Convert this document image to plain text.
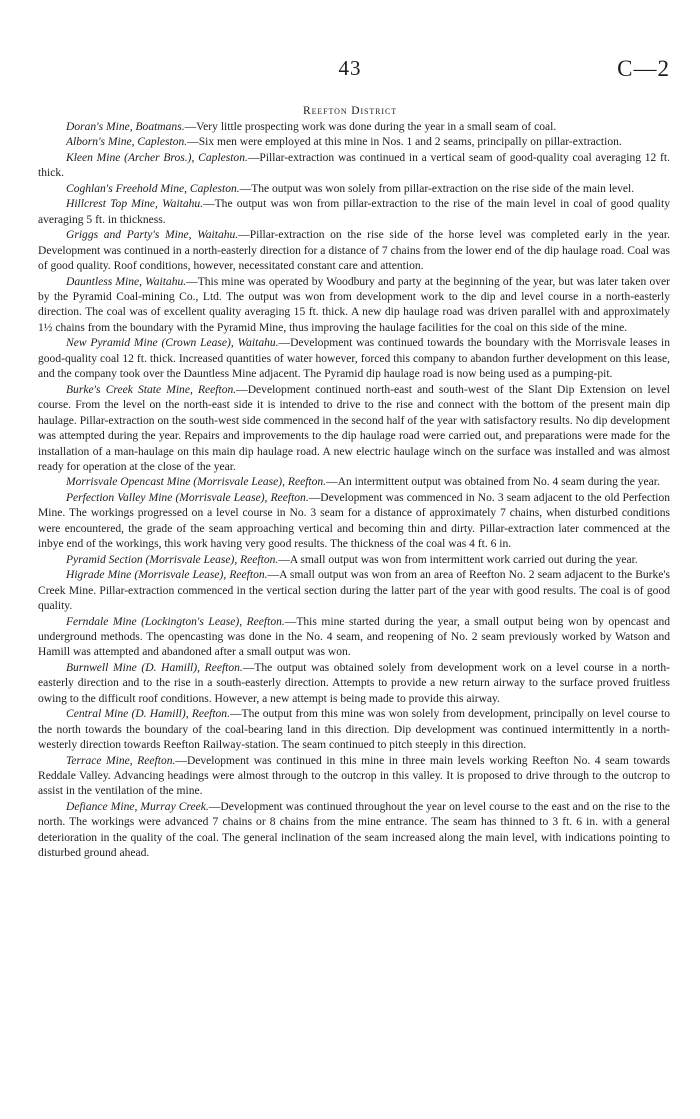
43	C—2
Reefton District

Doran's Mine, Boatmans.—Very little prospecting work was done during the year in a small seam of coal.

Alborn's Mine, Capleston.—Six men were employed at this mine in Nos. 1 and 2 seams, principally on pillar-extraction.

Kleen Mine (Archer Bros.), Capleston.—Pillar-extraction was continued in a vertical seam of good-quality coal averaging 12 ft. thick.

Coghlan's Freehold Mine, Capleston.—The output was won solely from pillar-extraction on the rise side of the main level.

Hillcrest Top Mine, Waitahu.—The output was won from pillar-extraction to the rise of the main level in coal of good quality averaging 5 ft. in thickness.

Griggs and Party's Mine, Waitahu.—Pillar-extraction on the rise side of the horse level was completed early in the year. Development was continued in a north-easterly direction for a distance of 7 chains from the lower end of the dip haulage road. Coal was of good quality. Roof conditions, however, necessitated constant care and attention.

Dauntless Mine, Waitahu.—This mine was operated by Woodbury and party at the beginning of the year, but was later taken over by the Pyramid Coal-mining Co., Ltd. The output was won from development work to the dip and level course in a north-easterly direction. The coal was of excellent quality averaging 15 ft. thick. A new dip haulage road was driven parallel with and approximately 1½ chains from the boundary with the Pyramid Mine, thus improving the haulage facilities for the coal on this side of the mine.

New Pyramid Mine (Crown Lease), Waitahu.—Development was continued towards the boundary with the Morrisvale leases in good-quality coal 12 ft. thick. Increased quantities of water however, forced this company to abandon further development on this lease, and the company took over the Dauntless Mine adjacent. The Pyramid dip haulage road is now being used as a pumping-pit.

Burke's Creek State Mine, Reefton.—Development continued north-east and south-west of the Slant Dip Extension on level course. From the level on the north-east side it is intended to drive to the rise and connect with the bottom of the present main dip haulage. Pillar-extraction on the south-west side commenced in the second half of the year with satisfactory results. No dip development was attempted during the year. Repairs and improvements to the dip haulage road were carried out, and preparations were made for the installation of a man-haulage on this main dip haulage road. A new electric haulage winch on the surface was installed and was almost ready for operation at the close of the year.

Morrisvale Opencast Mine (Morrisvale Lease), Reefton.—An intermittent output was obtained from No. 4 seam during the year.

Perfection Valley Mine (Morrisvale Lease), Reefton.—Development was commenced in No. 3 seam adjacent to the old Perfection Mine. The workings progressed on a level course in No. 3 seam for a distance of approximately 7 chains, when disturbed conditions were encountered, the grade of the seam approaching vertical and becoming thin and dirty. Pillar-extraction later commenced at the inbye end of the workings, this work having very good results. The thickness of the coal was 4 ft. 6 in.

Pyramid Section (Morrisvale Lease), Reefton.—A small output was won from intermittent work carried out during the year.

Higrade Mine (Morrisvale Lease), Reefton.—A small output was won from an area of Reefton No. 2 seam adjacent to the Burke's Creek Mine. Pillar-extraction commenced in the vertical section during the latter part of the year with good results. The coal is of good quality.

Ferndale Mine (Lockington's Lease), Reefton.—This mine started during the year, a small output being won by opencast and underground methods. The opencasting was done in the No. 4 seam, and reopening of No. 2 seam previously worked by Watson and Hamill was attempted and abandoned after a small output was won.

Burnwell Mine (D. Hamill), Reefton.—The output was obtained solely from development work on a level course in a north-easterly direction and to the rise in a south-easterly direction. Attempts to provide a new return airway to the surface proved fruitless owing to the difficult roof conditions. However, a new attempt is being made to provide this airway.

Central Mine (D. Hamill), Reefton.—The output from this mine was won solely from development, principally on level course to the north towards the boundary of the coal-bearing land in this direction. Dip development was continued intermittently in a north-westerly direction towards Reefton Railway-station. The seam continued to pitch steeply in this direction.

Terrace Mine, Reefton.—Development was continued in this mine in three main levels working Reefton No. 4 seam towards Reddale Valley. Advancing headings were almost through to the outcrop in this valley. It is proposed to drive through to the outcrop to assist in the ventilation of the mine.

Defiance Mine, Murray Creek.—Development was continued throughout the year on level course to the east and on the rise to the north. The workings were advanced 7 chains or 8 chains from the mine entrance. The seam has thinned to 3 ft. 6 in. with a general deterioration in the quality of the coal. The general inclination of the seam increased along the main level, with indications pointing to disturbed ground ahead.
